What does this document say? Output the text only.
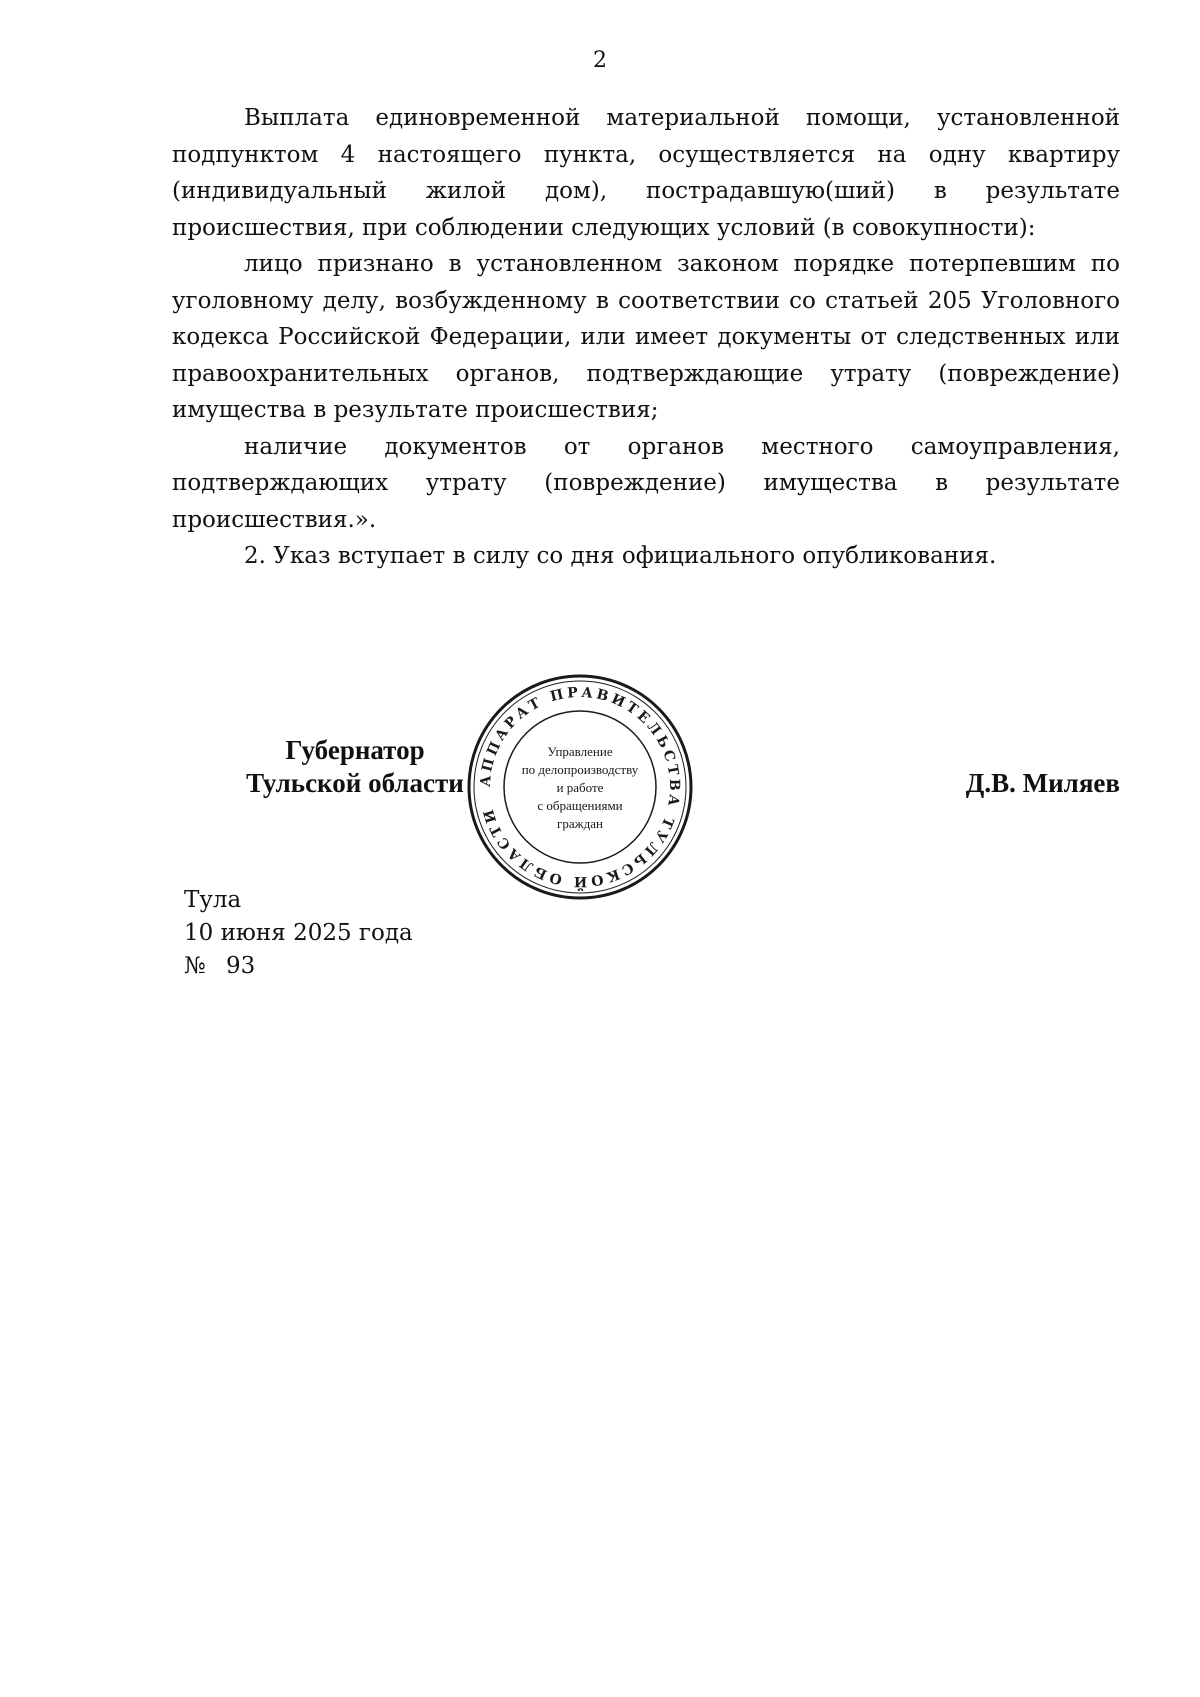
2

Выплата единовременной материальной помощи, установленной подпунктом 4 настоящего пункта, осуществляется на одну квартиру (индивидуальный жилой дом), пострадавшую(ший) в результате происшествия, при соблюдении следующих условий (в совокупности):

лицо признано в установленном законом порядке потерпевшим по уголовному делу, возбужденному в соответствии со статьей 205 Уголовного кодекса Российской Федерации, или имеет документы от следственных или правоохранительных органов, подтверждающие утрату (повреждение) имущества в результате происшествия;

наличие документов от органов местного самоуправления, подтверждающих утрату (повреждение) имущества в результате происшествия.».

2. Указ вступает в силу со дня официального опубликования.

Губернатор
Тульской области АППАРАТ ПРАВИТЕЛЬСТВА ТУЛЬСКОЙ ОБЛАСТИ
Управление
по делопроизводству
и работе
с обращениями
граждан
Д.В. Миляев
Тула
10 июня 2025 года
№ 93
